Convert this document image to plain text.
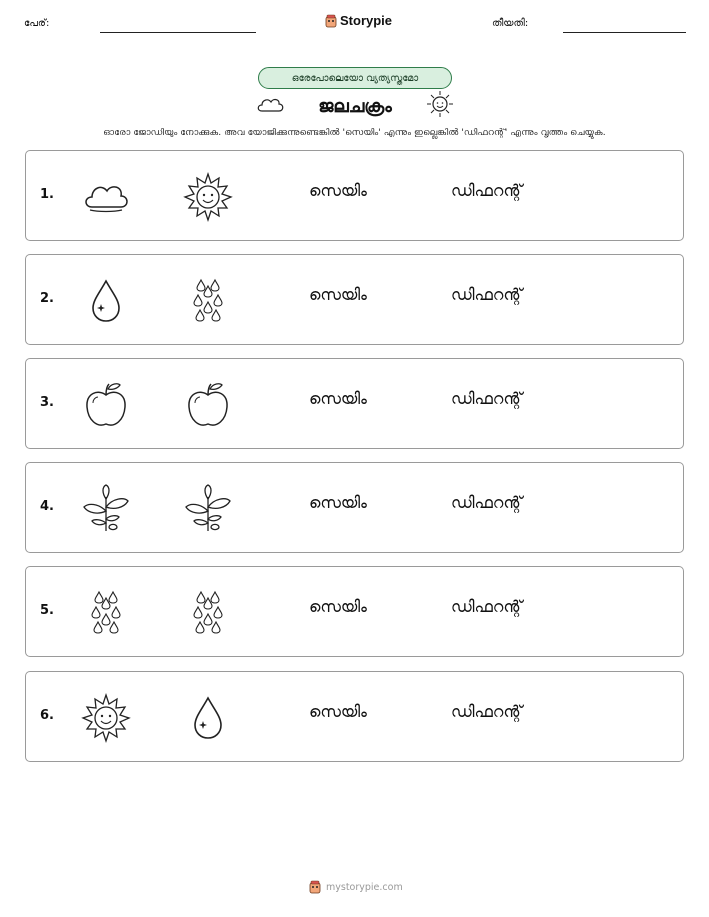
പേര്:	Storypie	തീയതി:
ഒരേപോലെയോ വ്യത്യസ്തമോ
ജലചക്രം
ഓരോ ജോഡിയും നോക്കുക. അവ യോജിക്കുന്നുണ്ടെങ്കിൽ 'സെയിം' എന്നും ഇല്ലെങ്കിൽ 'ഡിഫറന്റ്' എന്നും വൃത്തം ചെയ്യുക.
1.	സെയിം	ഡിഫറന്റ്
2.	സെയിം	ഡിഫറന്റ്
3.	സെയിം	ഡിഫറന്റ്
4.	സെയിം	ഡിഫറന്റ്
5.	സെയിം	ഡിഫറന്റ്
6.	സെയിം	ഡിഫറന്റ്
mystorypie.com
